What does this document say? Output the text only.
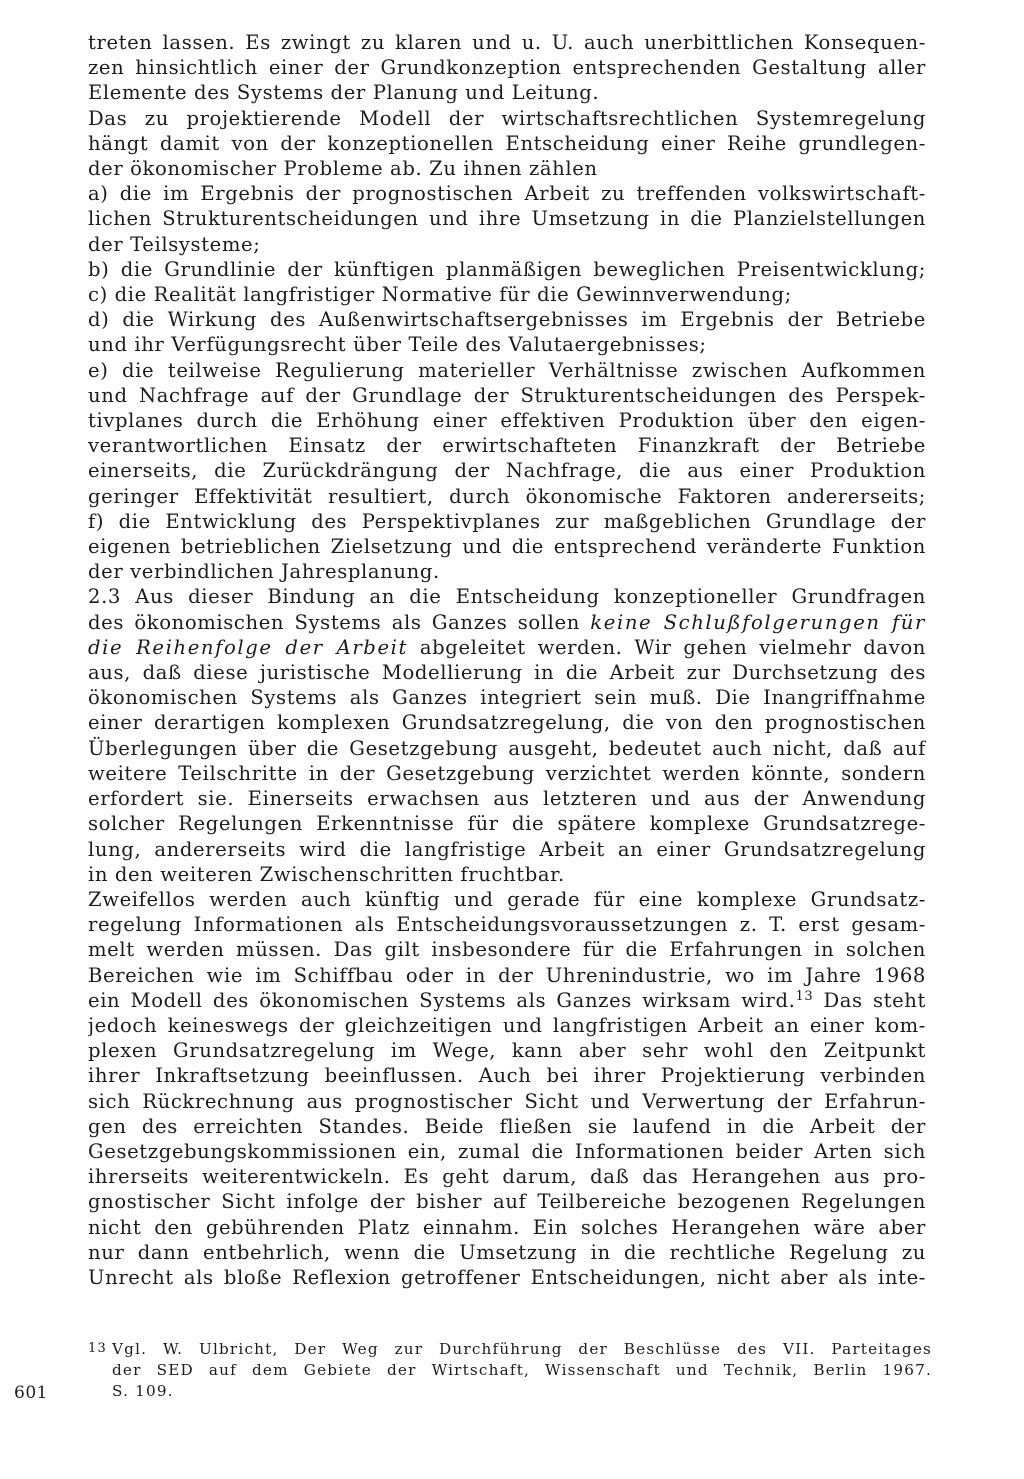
treten lassen. Es zwingt zu klaren und u. U. auch unerbittlichen Konsequen-
zen hinsichtlich einer der Grundkonzeption entsprechenden Gestaltung aller
Elemente des Systems der Planung und Leitung.
Das zu projektierende Modell der wirtschaftsrechtlichen Systemregelung
hängt damit von der konzeptionellen Entscheidung einer Reihe grundlegen-
der ökonomischer Probleme ab. Zu ihnen zählen
a) die im Ergebnis der prognostischen Arbeit zu treffenden volkswirtschaft-
lichen Strukturentscheidungen und ihre Umsetzung in die Planzielstellungen
der Teilsysteme;
b) die Grundlinie der künftigen planmäßigen beweglichen Preisentwicklung;
c) die Realität langfristiger Normative für die Gewinnverwendung;
d) die Wirkung des Außenwirtschaftsergebnisses im Ergebnis der Betriebe
und ihr Verfügungsrecht über Teile des Valutaergebnisses;
e) die teilweise Regulierung materieller Verhältnisse zwischen Aufkommen
und Nachfrage auf der Grundlage der Strukturentscheidungen des Perspek-
tivplanes durch die Erhöhung einer effektiven Produktion über den eigen-
verantwortlichen Einsatz der erwirtschafteten Finanzkraft der Betriebe
einerseits, die Zurückdrängung der Nachfrage, die aus einer Produktion
geringer Effektivität resultiert, durch ökonomische Faktoren andererseits;
f) die Entwicklung des Perspektivplanes zur maßgeblichen Grundlage der
eigenen betrieblichen Zielsetzung und die entsprechend veränderte Funktion
der verbindlichen Jahresplanung.
2.3 Aus dieser Bindung an die Entscheidung konzeptioneller Grundfragen
des ökonomischen Systems als Ganzes sollen keine Schlußfolgerungen für
die Reihenfolge der Arbeit abgeleitet werden. Wir gehen vielmehr davon
aus, daß diese juristische Modellierung in die Arbeit zur Durchsetzung des
ökonomischen Systems als Ganzes integriert sein muß. Die Inangriffnahme
einer derartigen komplexen Grundsatzregelung, die von den prognostischen
Überlegungen über die Gesetzgebung ausgeht, bedeutet auch nicht, daß auf
weitere Teilschritte in der Gesetzgebung verzichtet werden könnte, sondern
erfordert sie. Einerseits erwachsen aus letzteren und aus der Anwendung
solcher Regelungen Erkenntnisse für die spätere komplexe Grundsatzrege-
lung, andererseits wird die langfristige Arbeit an einer Grundsatzregelung
in den weiteren Zwischenschritten fruchtbar.
Zweifellos werden auch künftig und gerade für eine komplexe Grundsatz-
regelung Informationen als Entscheidungsvoraussetzungen z. T. erst gesam-
melt werden müssen. Das gilt insbesondere für die Erfahrungen in solchen
Bereichen wie im Schiffbau oder in der Uhrenindustrie, wo im Jahre 1968
ein Modell des ökonomischen Systems als Ganzes wirksam wird.$^{13}$ Das steht
jedoch keineswegs der gleichzeitigen und langfristigen Arbeit an einer kom-
plexen Grundsatzregelung im Wege, kann aber sehr wohl den Zeitpunkt
ihrer Inkraftsetzung beeinflussen. Auch bei ihrer Projektierung verbinden
sich Rückrechnung aus prognostischer Sicht und Verwertung der Erfahrun-
gen des erreichten Standes. Beide fließen sie laufend in die Arbeit der
Gesetzgebungskommissionen ein, zumal die Informationen beider Arten sich
ihrerseits weiterentwickeln. Es geht darum, daß das Herangehen aus pro-
gnostischer Sicht infolge der bisher auf Teilbereiche bezogenen Regelungen
nicht den gebührenden Platz einnahm. Ein solches Herangehen wäre aber
nur dann entbehrlich, wenn die Umsetzung in die rechtliche Regelung zu
Unrecht als bloße Reflexion getroffener Entscheidungen, nicht aber als inte-
13 Vgl. W. Ulbricht, Der Weg zur Durchführung der Beschlüsse des VII. Parteitages
der SED auf dem Gebiete der Wirtschaft, Wissenschaft und Technik, Berlin 1967.
S. 109.
601
